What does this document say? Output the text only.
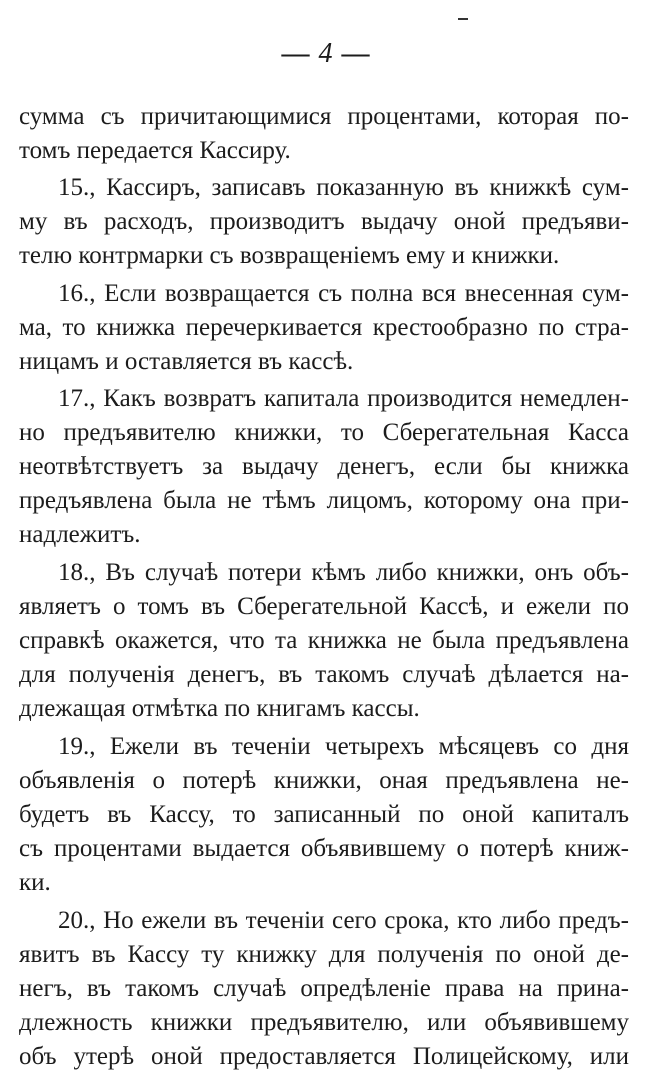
— 4 —
сумма съ причитающимися процентами, которая по-
томъ передается Кассиру.
15., Кассиръ, записавъ показанную въ книжкѣ сум-
му въ расходъ, производитъ выдачу оной предъяви-
телю контрмарки съ возвращенiемъ ему и книжки.
16., Если возвращается съ полна вся внесенная сум-
ма, то книжка перечеркивается крестообразно по стра-
ницамъ и оставляется въ кассѣ.
17., Какъ возвратъ капитала производится немедлен-
но предъявителю книжки, то Сберегательная Касса
неотвѣтствуетъ за выдачу денегъ, если бы книжка
предъявлена была не тѣмъ лицомъ, которому она при-
надлежитъ.
18., Въ случаѣ потери кѣмъ либо книжки, онъ объ-
являетъ о томъ въ Сберегательной Кассѣ, и ежели по
справкѣ окажется, что та книжка не была предъявлена
для полученiя денегъ, въ такомъ случаѣ дѣлается на-
длежащая отмѣтка по книгамъ кассы.
19., Ежели въ теченiи четырехъ мѣсяцевъ со дня
объявленiя о потерѣ книжки, оная предъявлена не-
будетъ въ Кассу, то записанный по оной капиталъ
съ процентами выдается объявившему о потерѣ книж-
ки.
20., Но ежели въ теченiи сего срока, кто либо предъ-
явитъ въ Кассу ту книжку для полученiя по оной де-
негъ, въ такомъ случаѣ опредѣленiе права на прина-
длежность книжки предъявителю, или объявившему
объ утерѣ оной предоставляется Полицейскому, или
